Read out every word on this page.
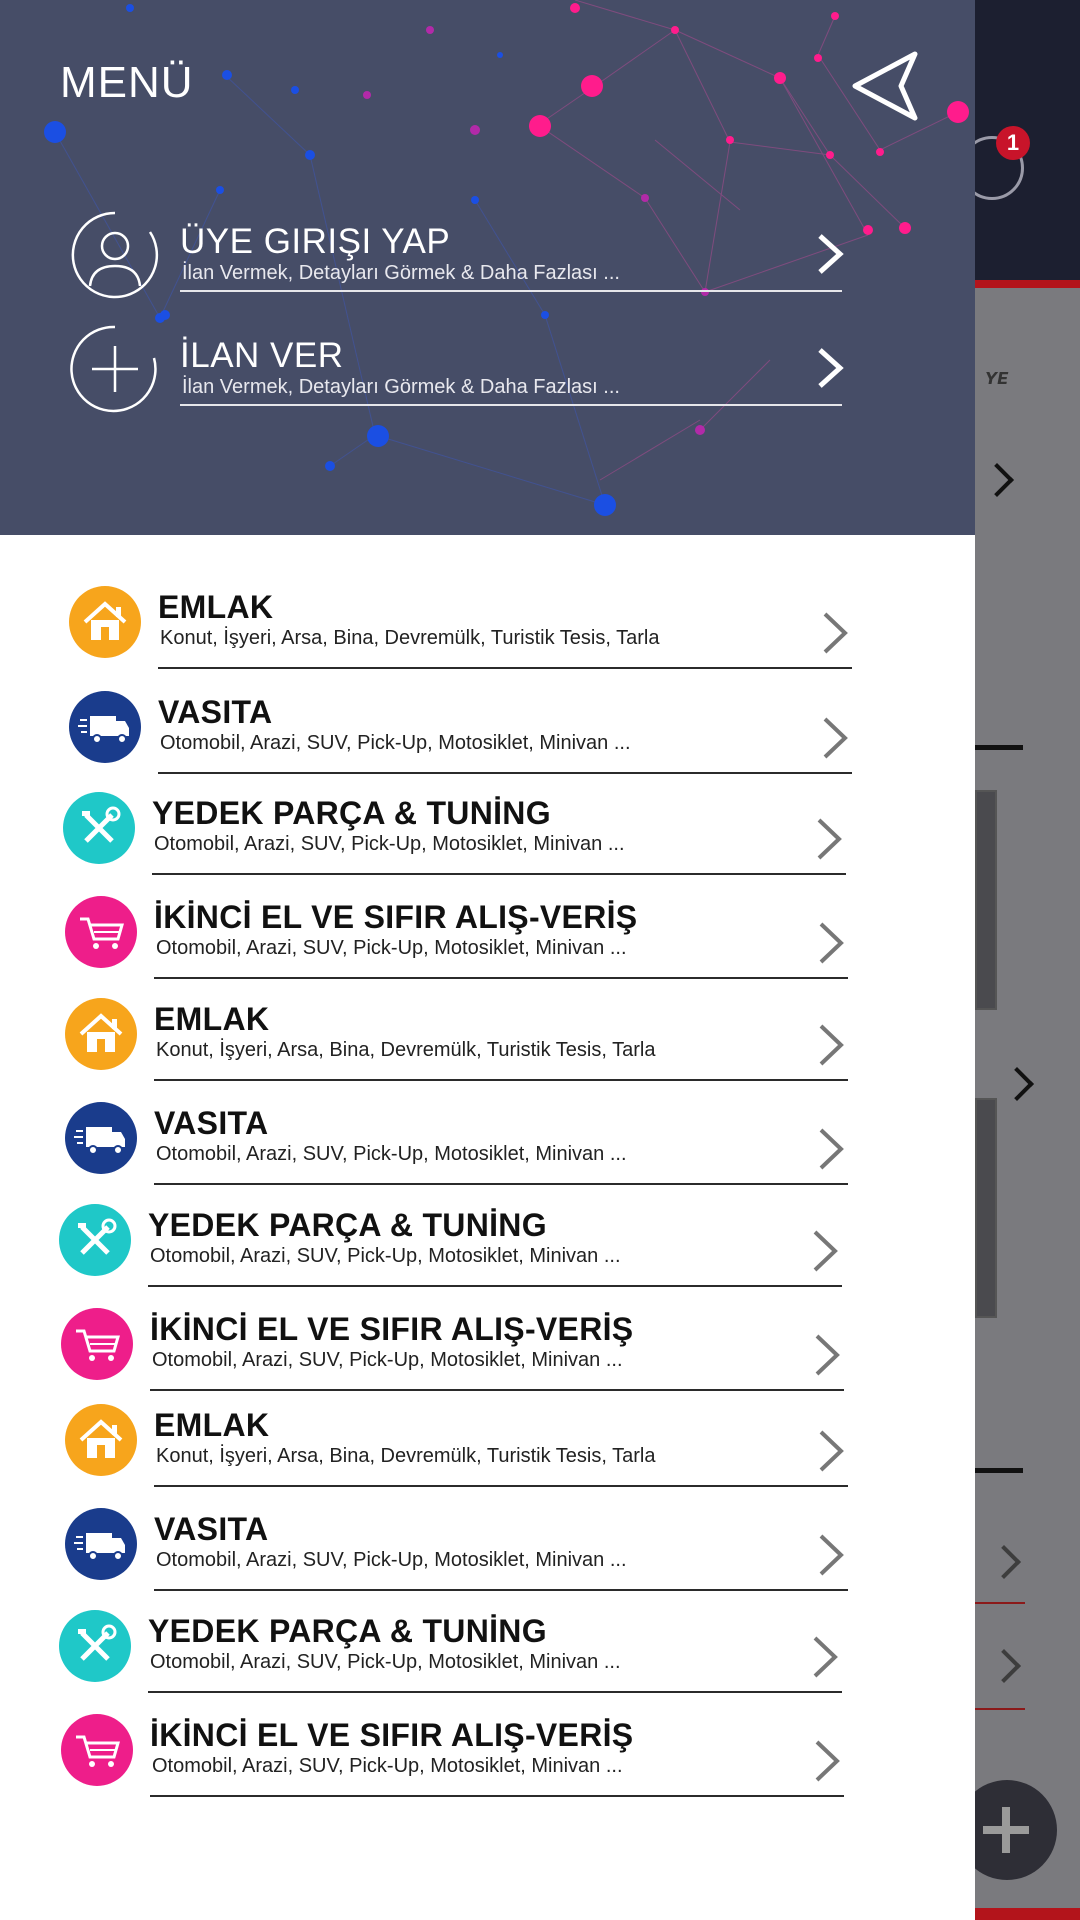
1
ʏᴇ
MENÜ
ÜYE GIRIŞI YAP
İlan Vermek, Detayları Görmek & Daha Fazlası ...
İLAN VER
İlan Vermek, Detayları Görmek & Daha Fazlası ...
EMLAK
Konut, İşyeri, Arsa, Bina, Devremülk, Turistik Tesis, Tarla
VASITA
Otomobil, Arazi, SUV, Pick-Up, Motosiklet, Minivan ...
YEDEK PARÇA & TUNİNG
Otomobil, Arazi, SUV, Pick-Up, Motosiklet, Minivan ...
İKİNCİ EL VE SIFIR ALIŞ-VERİŞ
Otomobil, Arazi, SUV, Pick-Up, Motosiklet, Minivan ...
EMLAK
Konut, İşyeri, Arsa, Bina, Devremülk, Turistik Tesis, Tarla
VASITA
Otomobil, Arazi, SUV, Pick-Up, Motosiklet, Minivan ...
YEDEK PARÇA & TUNİNG
Otomobil, Arazi, SUV, Pick-Up, Motosiklet, Minivan ...
İKİNCİ EL VE SIFIR ALIŞ-VERİŞ
Otomobil, Arazi, SUV, Pick-Up, Motosiklet, Minivan ...
EMLAK
Konut, İşyeri, Arsa, Bina, Devremülk, Turistik Tesis, Tarla
VASITA
Otomobil, Arazi, SUV, Pick-Up, Motosiklet, Minivan ...
YEDEK PARÇA & TUNİNG
Otomobil, Arazi, SUV, Pick-Up, Motosiklet, Minivan ...
İKİNCİ EL VE SIFIR ALIŞ-VERİŞ
Otomobil, Arazi, SUV, Pick-Up, Motosiklet, Minivan ...
